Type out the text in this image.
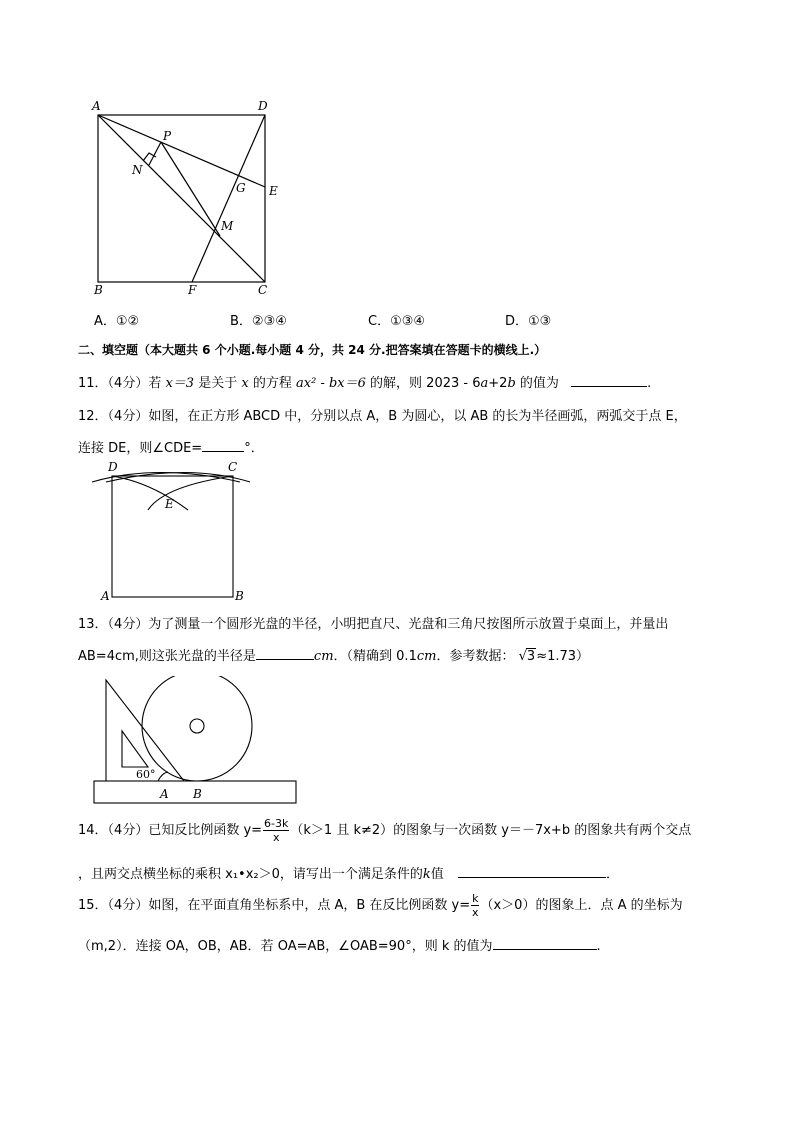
A	D
P
N
G E
M
B	F	C
A．①②	B．②③④	C．①③④	D．①③
二、填空题（本大题共 6 个小题.每小题 4 分，共 24 分.把答案填在答题卡的横线上.）
11．（4分）若 x＝3 是关于 x 的方程 ax² - bx＝6 的解，则 2023 - 6a+2b 的值为	.
12．（4分）如图，在正方形 ABCD 中，分别以点 A，B 为圆心，以 AB 的长为半径画弧，两弧交于点 E，
连接 DE，则∠CDE=	°．
D	C
E
A	B
13．（4分）为了测量一个圆形光盘的半径，小明把直尺、光盘和三角尺按图所示放置于桌面上，并量出
AB=4cm,则这张光盘的半径是	cm．（精确到 0.1cm．参考数据： √3≈1.73）
60°
A B
14．（4分）已知反比例函数 $y= \frac{6-3k}{x} (k>1$ 且 k≠2）的图象与一次函数 y＝－7x+b 的图象共有两个交点
，且两交点横坐标的乘积 x₁•x₂＞0，请写出一个满足条件的k值	．
15．（4分）如图，在平面直角坐标系中，点 A，B 在反比例函数 $y= \frac{k}{x} (x>0)$的图象上．点 A 的坐标为
（m,2）．连接 OA，OB，AB．若 OA=AB，∠OAB=90°，则 k 的值为	.
